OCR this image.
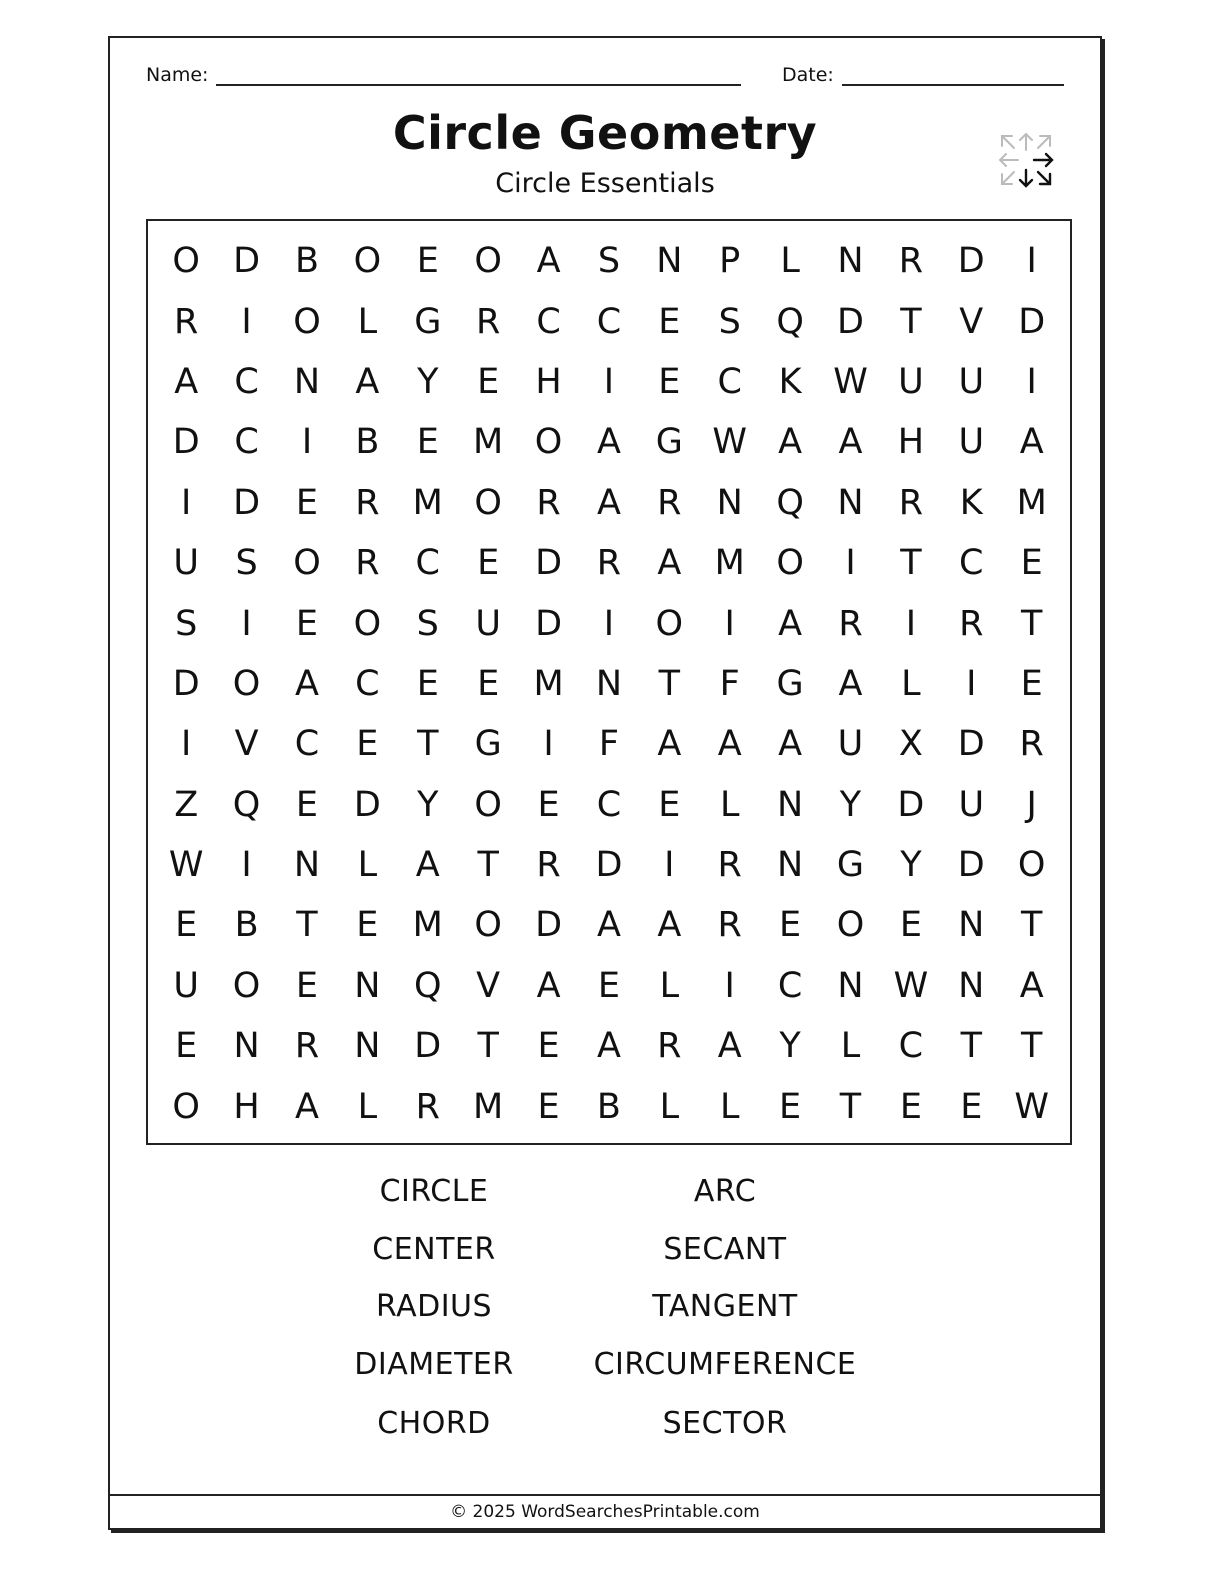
Name:	Date:
Circle Geometry
Circle Essentials
O D B O	E	O A	S	N	P	L	N	R D	I
R	I	O	L	G R	C	C	E	S	Q D	T	V D
A	C	N	A	Y	E	H	I	E	C	K W U U	I
D C	I	B	E M O A G W A	A	H U	A
I	D	E	R M O R	A	R	N Q N	R	K M
U	S	O R	C	E	D R	A M O	I	T	C	E
S	I	E	O	S	U D	I	O	I	A	R	I	R	T
D O A	C	E	E M N	T	F	G A	L	I	E
I	V	C	E	T	G	I	F	A	A	A	U	X D R
Z Q	E	D	Y	O	E	C	E	L	N	Y	D U	J
W	I	N	L	A	T	R D	I	R	N G	Y	D O
E	B	T	E M O D A	A	R	E	O	E	N	T
U O	E	N Q V	A	E	L	I	C	N W N	A
E	N	R	N D	T	E	A	R	A	Y	L	C	T	T
O H	A	L	R M E	B	L	L	E	T	E	E W
CIRCLE	ARC
CENTER	SECANT
RADIUS	TANGENT
DIAMETER	CIRCUMFERENCE
CHORD	SECTOR
© 2025 WordSearchesPrintable.com
